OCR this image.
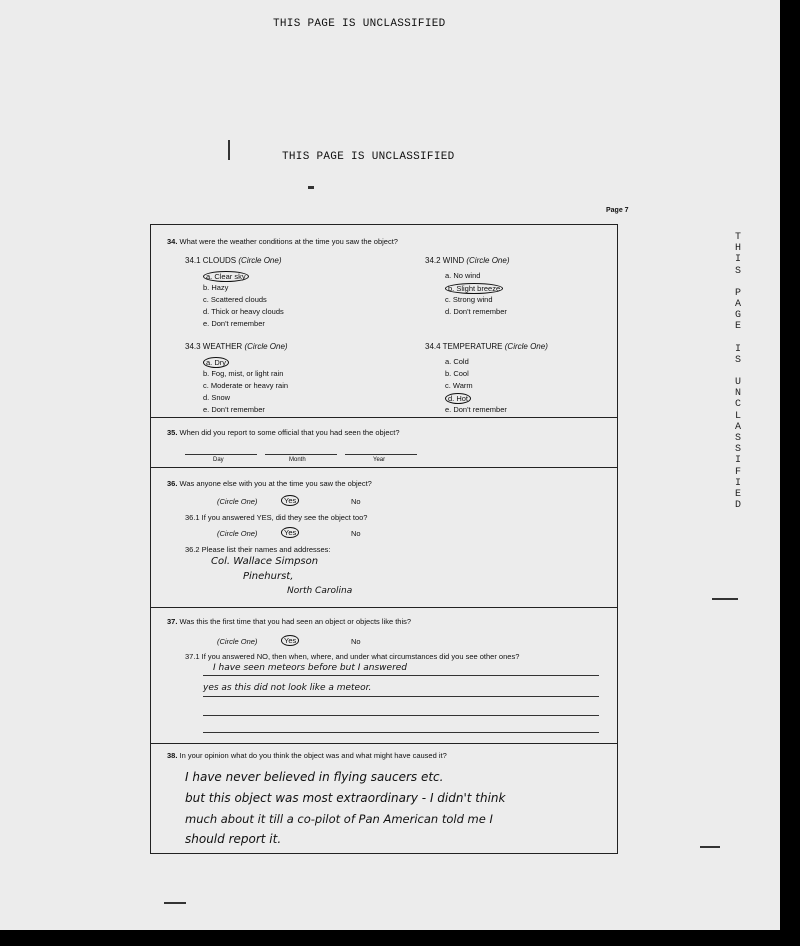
THIS PAGE IS UNCLASSIFIED
THIS PAGE IS UNCLASSIFIED
Page 7
T
H
I
S
P
A
G
E
I
S
U
N
C
L
A
S
S
I
F
I
E
D
34. What were the weather conditions at the time you saw the object?
34.1 CLOUDS (Circle One)
a. Clear sky
b. Hazy
c. Scattered clouds
d. Thick or heavy clouds
e. Don't remember
34.2 WIND (Circle One)
a. No wind
b. Slight breeze
c. Strong wind
d. Don't remember
34.3 WEATHER (Circle One)
a. Dry
b. Fog, mist, or light rain
c. Moderate or heavy rain
d. Snow
e. Don't remember
34.4 TEMPERATURE (Circle One)
a. Cold
b. Cool
c. Warm
d. Hot
e. Don't remember
35. When did you report to some official that you had seen the object?
Day	Month	Year
36. Was anyone else with you at the time you saw the object?
(Circle One)	Yes	No
36.1 If you answered YES, did they see the object too?
(Circle One)	Yes	No
36.2 Please list their names and addresses:
Col. Wallace Simpson
Pinehurst,
North Carolina
37. Was this the first time that you had seen an object or objects like this?
(Circle One)	Yes	No
37.1 If you answered NO, then when, where, and under what circumstances did you see other ones?
I have seen meteors before but I answered
yes as this did not look like a meteor.
38. In your opinion what do you think the object was and what might have caused it?
I have never believed in flying saucers etc.
but this object was most extraordinary - I didn't think
much about it till a co-pilot of Pan American told me I
should report it.
